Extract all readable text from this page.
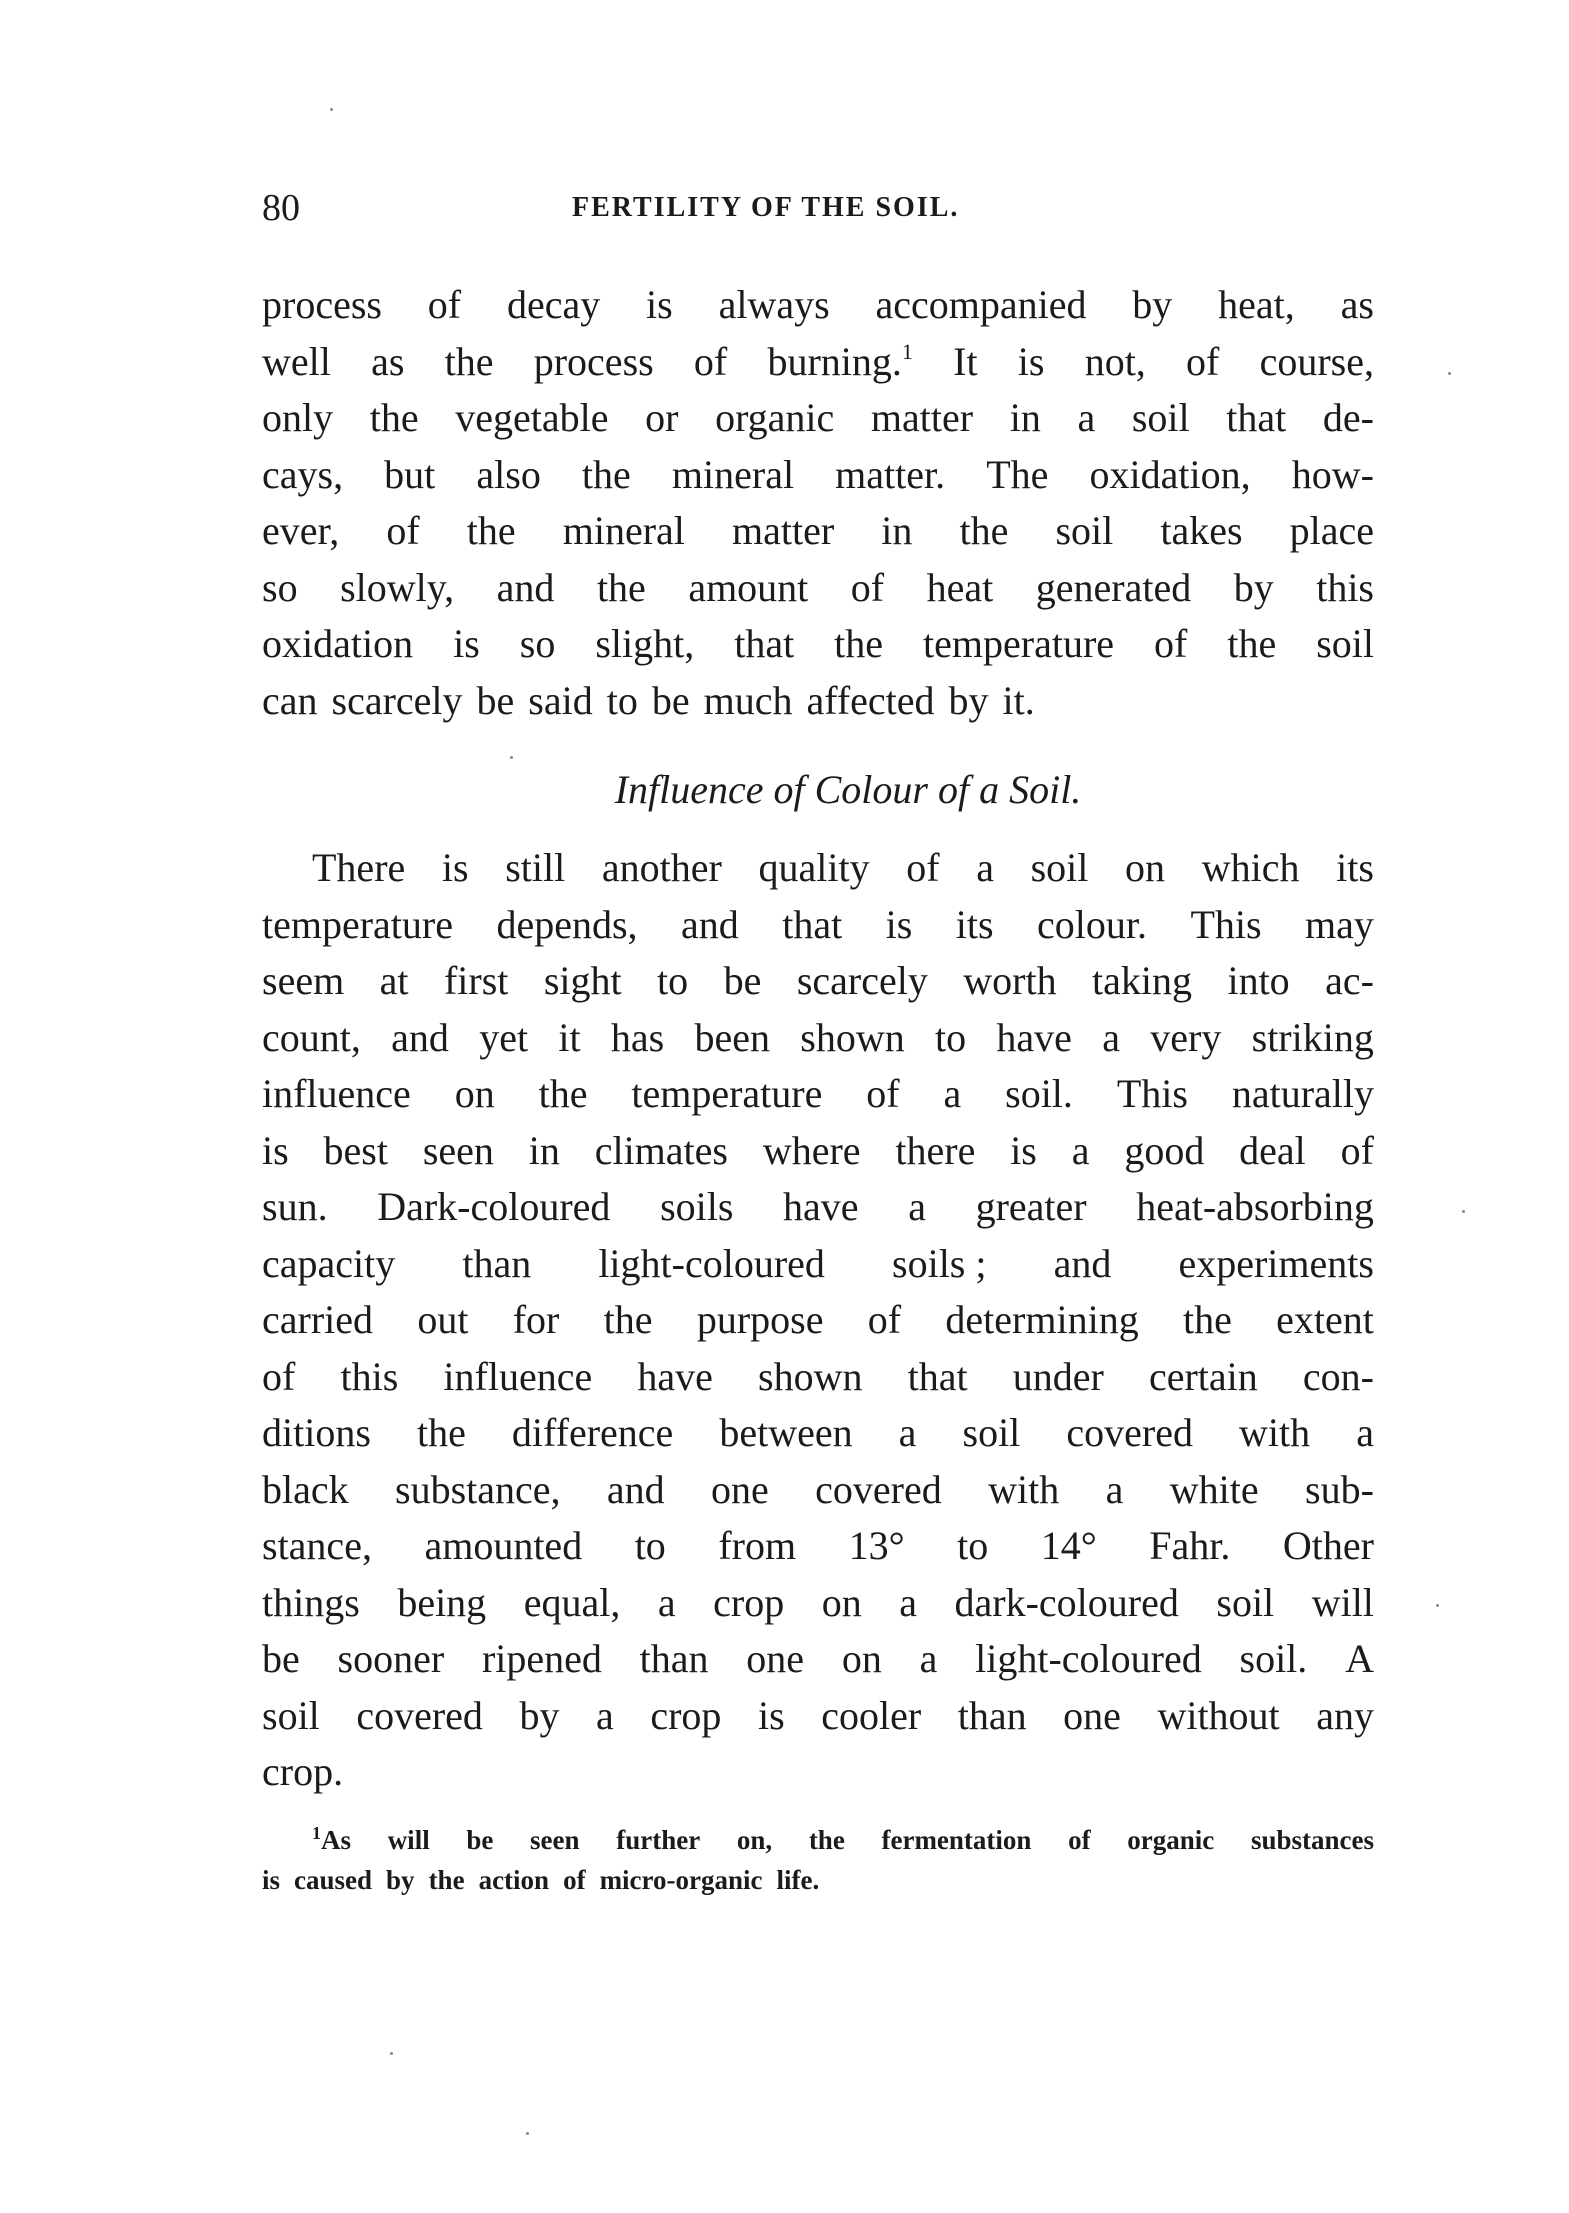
80	FERTILITY OF THE SOIL.
process of decay is always accompanied by heat, as
well as the process of burning.$^1$ It is not, of course,
only the vegetable or organic matter in a soil that de-
cays, but also the mineral matter. The oxidation, how-
ever, of the mineral matter in the soil takes place
so slowly, and the amount of heat generated by this
oxidation is so slight, that the temperature of the soil
can scarcely be said to be much affected by it.
Influence of Colour of a Soil.
There is still another quality of a soil on which its
temperature depends, and that is its colour. This may
seem at first sight to be scarcely worth taking into ac-
count, and yet it has been shown to have a very striking
influence on the temperature of a soil. This naturally
is best seen in climates where there is a good deal of
sun. Dark-coloured soils have a greater heat-absorbing
capacity than light-coloured soils ; and experiments
carried out for the purpose of determining the extent
of this influence have shown that under certain con-
ditions the difference between a soil covered with a
black substance, and one covered with a white sub-
stance, amounted to from 13° to 14° Fahr. Other
things being equal, a crop on a dark-coloured soil will
be sooner ripened than one on a light-coloured soil. A
soil covered by a crop is cooler than one without any
crop.
$^1$As will be seen further on, the fermentation of organic substances
is caused by the action of micro-organic life.
